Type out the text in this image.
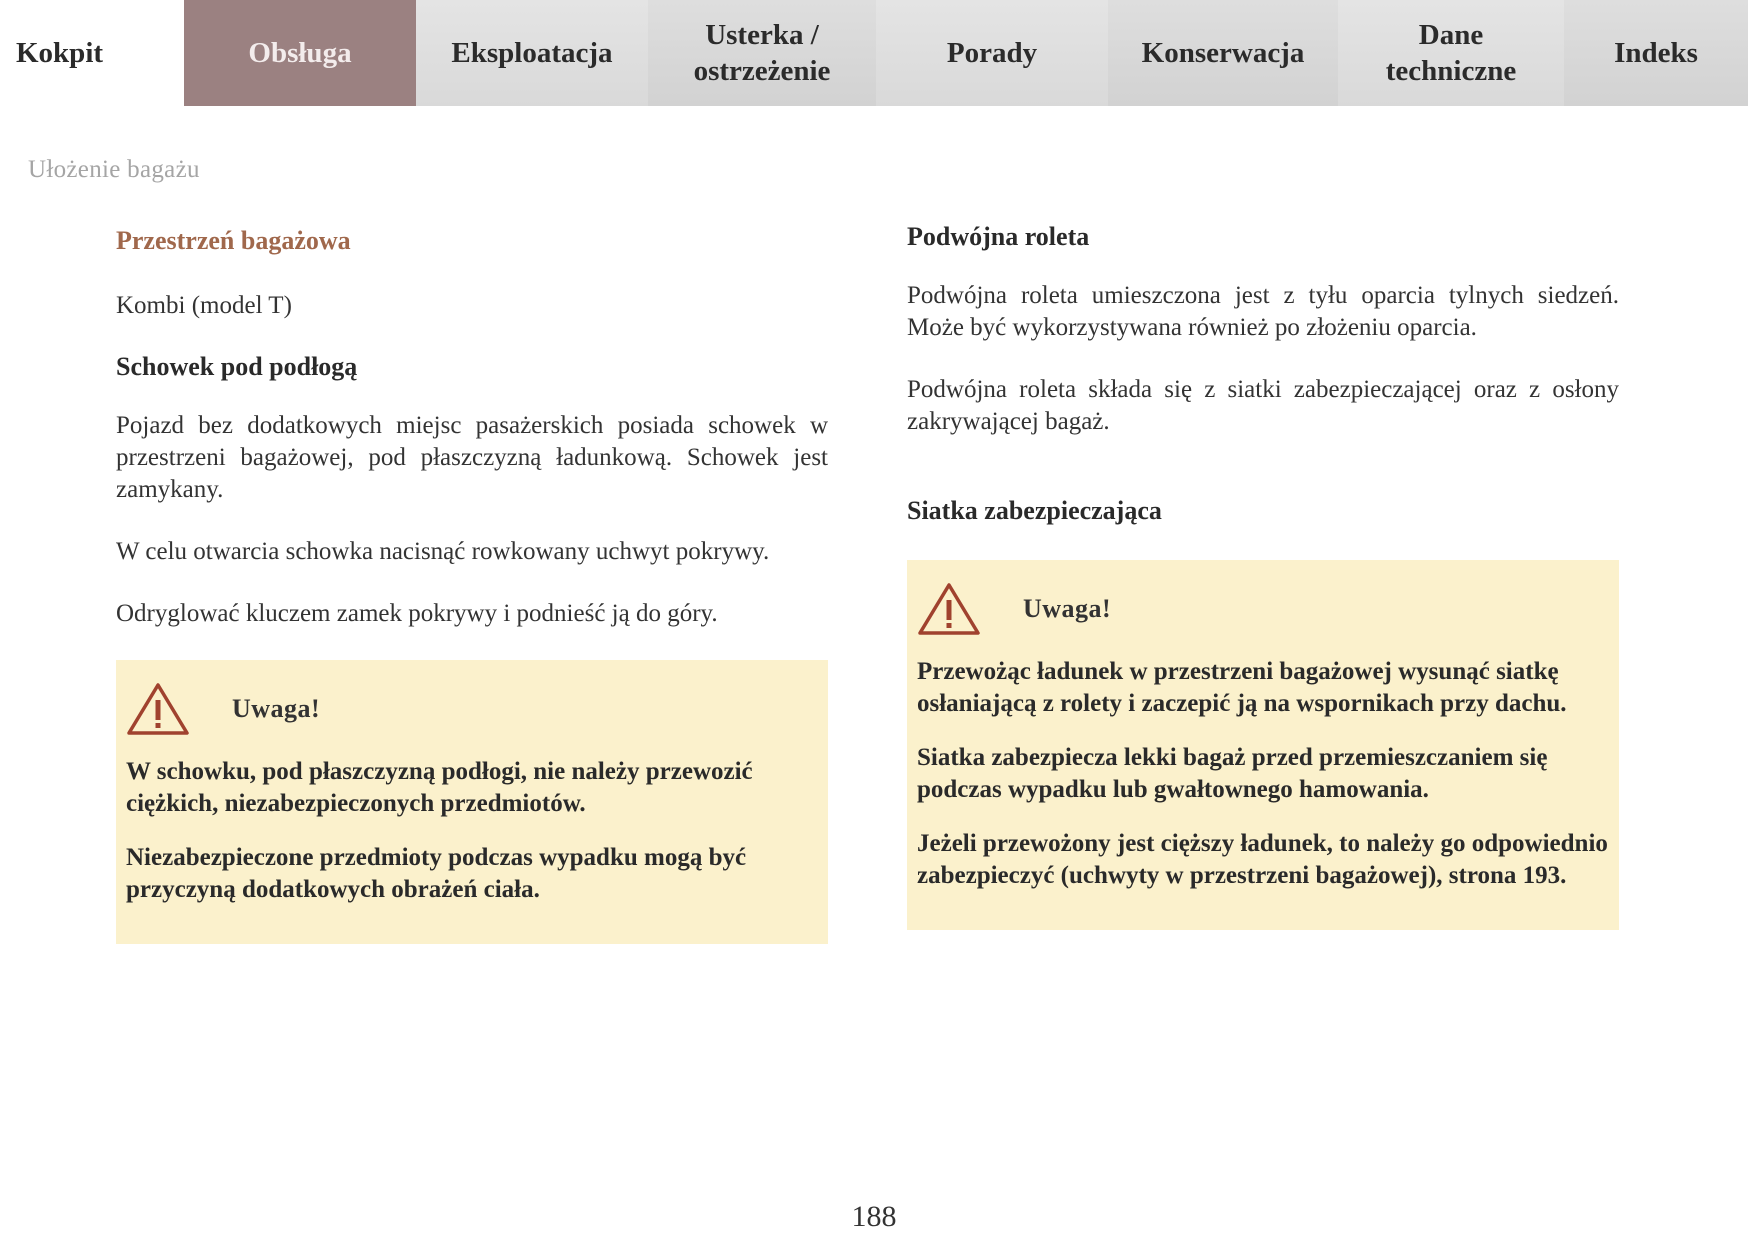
Kokpit	Obsługa	Eksploatacja
Usterka /
ostrzeżenie
Porady	Konserwacja
Dane
techniczne
Indeks
Ułożenie bagażu
Przestrzeń bagażowa

Kombi (model T)

Schowek pod podłogą

Pojazd bez dodatkowych miejsc pasażerskich posiada schowek w przestrzeni bagażowej, pod płaszczyzną ładunkową. Schowek jest zamykany.

W celu otwarcia schowka nacisnąć rowkowany uchwyt pokrywy.

Odryglować kluczem zamek pokrywy i podnieść ją do góry.

Uwaga!

W schowku, pod płaszczyzną podłogi, nie należy przewozić ciężkich, niezabezpieczonych przedmiotów.

Niezabezpieczone przedmioty podczas wypadku mogą być przyczyną dodatkowych obrażeń ciała.

Podwójna roleta

Podwójna roleta umieszczona jest z tyłu oparcia tylnych siedzeń. Może być wykorzystywana również po złożeniu oparcia.

Podwójna roleta składa się z siatki zabezpieczającej oraz z osłony zakrywającej bagaż.

Siatka zabezpieczająca
Uwaga!

Przewożąc ładunek w przestrzeni bagażowej wysunąć siatkę osłaniającą z rolety i zaczepić ją na wspornikach przy dachu.

Siatka zabezpiecza lekki bagaż przed przemieszczaniem się podczas wypadku lub gwałtownego hamowania.

Jeżeli przewożony jest cięższy ładunek, to należy go odpowiednio zabezpieczyć (uchwyty w przestrzeni bagażowej), strona 193.

188
